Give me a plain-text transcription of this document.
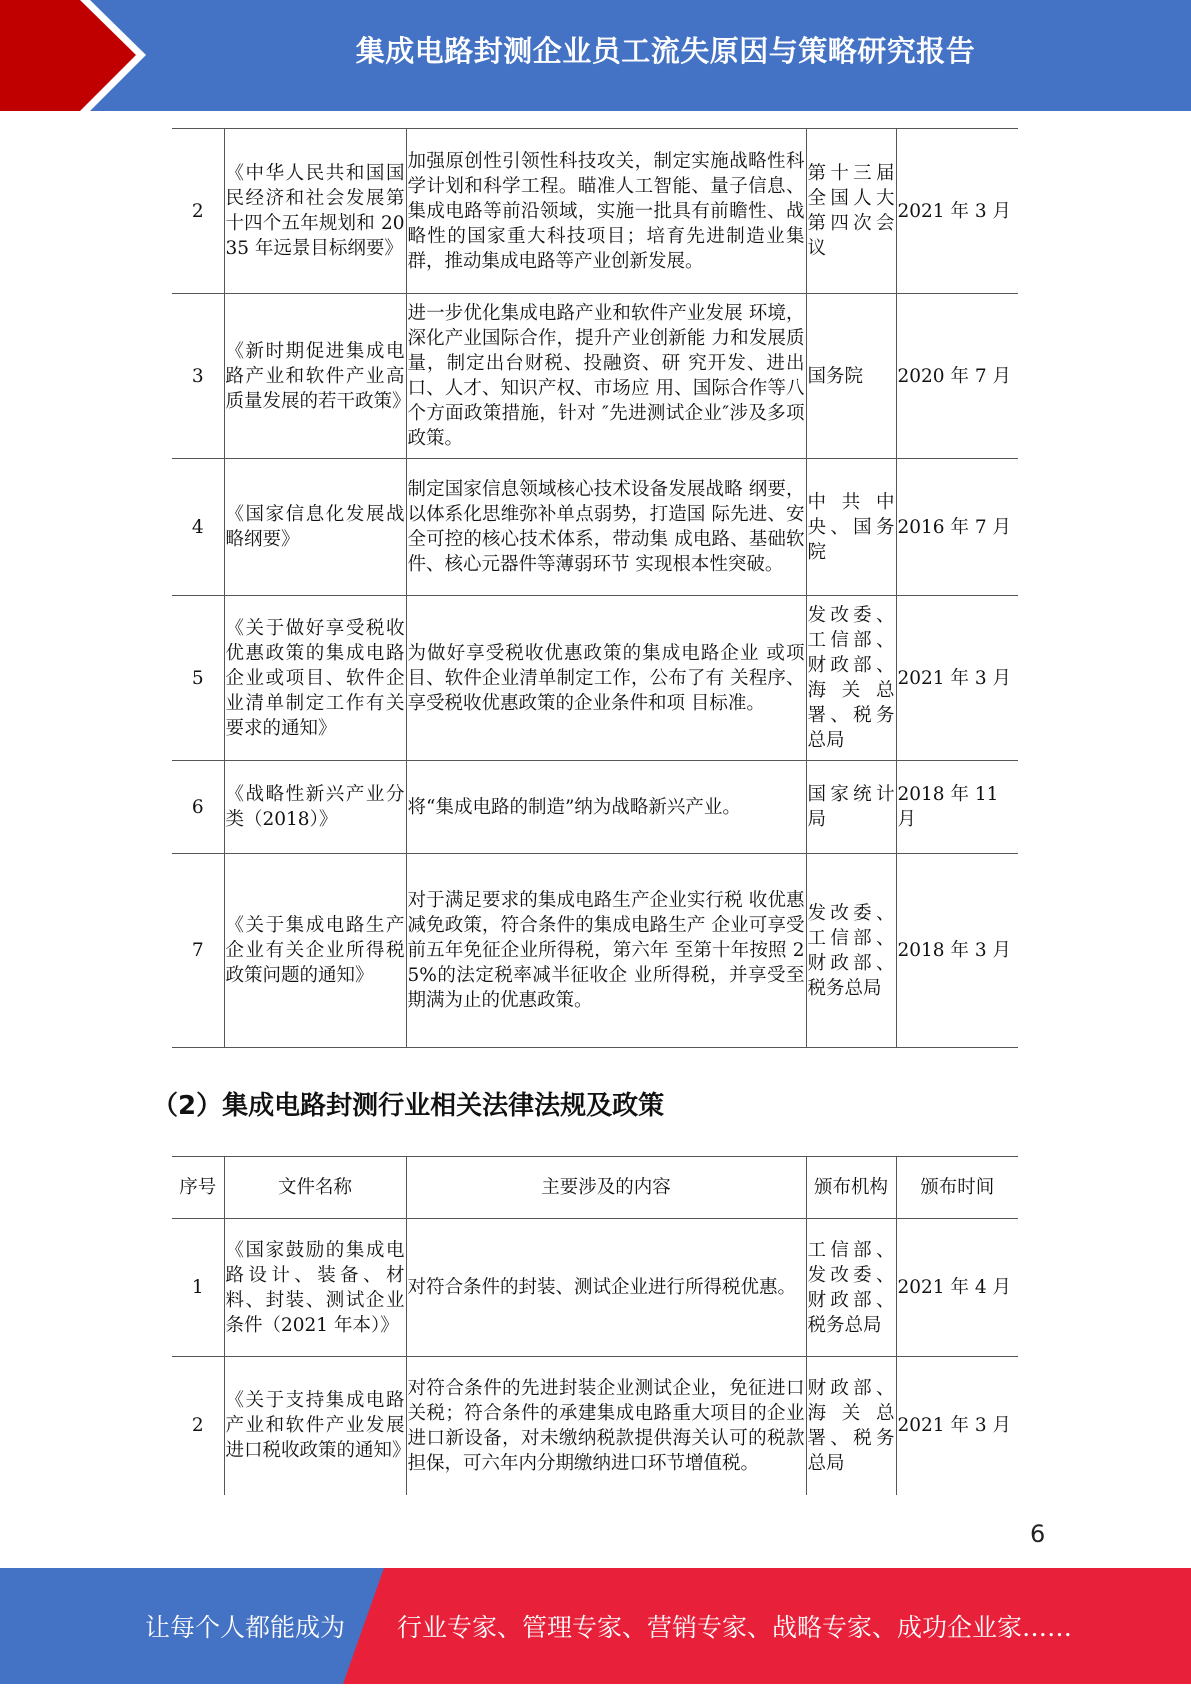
集成电路封测企业员工流失原因与策略研究报告
2	《中华人民共和国国民经济和社会发展第十四个五年规划和 2035 年远景目标纲要》	加强原创性引领性科技攻关，制定实施战略性科学计划和科学工程。瞄准人工智能、量子信息、集成电路等前沿领域，实施一批具有前瞻性、战略性的国家重大科技项目；培育先进制造业集群，推动集成电路等产业创新发展。	第十三届全国人大第四次会议	2021 年 3 月
3	《新时期促进集成电路产业和软件产业高质量发展的若干政策》	进一步优化集成电路产业和软件产业发展 环境，深化产业国际合作，提升产业创新能 力和发展质量，制定出台财税、投融资、研 究开发、进出口、人才、知识产权、市场应 用、国际合作等八个方面政策措施，针对 ″先进测试企业″涉及多项政策。	国务院	2020 年 7 月
4	《国家信息化发展战略纲要》	制定国家信息领域核心技术设备发展战略 纲要，以体系化思维弥补单点弱势，打造国 际先进、安全可控的核心技术体系，带动集 成电路、基础软件、核心元器件等薄弱环节 实现根本性突破。	中共中央、国务院	2016 年 7 月
5	《关于做好享受税收优惠政策的集成电路企业或项目、软件企业清单制定工作有关要求的通知》	为做好享受税收优惠政策的集成电路企业 或项目、软件企业清单制定工作，公布了有 关程序、享受税收优惠政策的企业条件和项 目标准。	发改委、工信部、财政部、海关总署、税务总局	2021 年 3 月
6	《战略性新兴产业分类（2018）》	将“集成电路的制造”纳为战略新兴产业。	国家统计局	2018 年 11 月
7	《关于集成电路生产企业有关企业所得税政策问题的通知》	对于满足要求的集成电路生产企业实行税 收优惠减免政策，符合条件的集成电路生产 企业可享受前五年免征企业所得税，第六年 至第十年按照 25%的法定税率减半征收企 业所得税，并享受至期满为止的优惠政策。	发改委、工信部、财政部、税务总局	2018 年 3 月
（2）集成电路封测行业相关法律法规及政策
序号	文件名称	主要涉及的内容	颁布机构	颁布时间
1	《国家鼓励的集成电路设计、装备、材料、封装、测试企业条件（2021 年本）》	对符合条件的封装、测试企业进行所得税优惠。	工信部、发改委、财政部、税务总局	2021 年 4 月
2	《关于支持集成电路产业和软件产业发展进口税收政策的通知》	对符合条件的先进封装企业测试企业，免征进口关税；符合条件的承建集成电路重大项目的企业进口新设备，对未缴纳税款提供海关认可的税款担保，可六年内分期缴纳进口环节增值税。	财政部、海关总署、税务总局	2021 年 3 月
6
让每个人都能成为 行业专家、管理专家、营销专家、战略专家、成功企业家……
